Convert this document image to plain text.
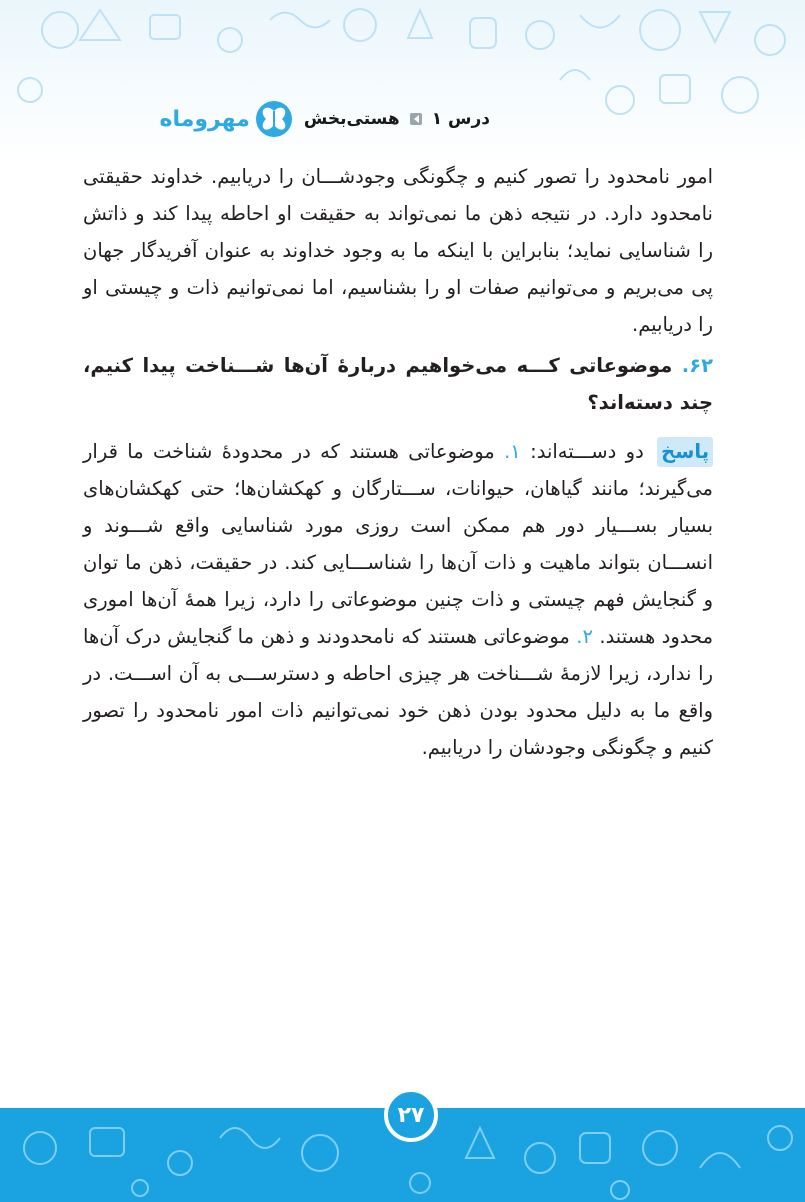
درس ۱
هستی‌بخش
مهروماه

امور نامحدود را تصور کنیم و چگونگی وجودشـــان را دریابیم. خداوند حقیقتی نامحدود دارد. در نتیجه ذهن ما نمی‌تواند به حقیقت او احاطه پیدا کند و ذاتش را شناسایی نماید؛ بنابراین با اینکه ما به وجود خداوند به عنوان آفریدگار جهان پی می‌بریم و می‌توانیم صفات او را بشناسیم، اما نمی‌توانیم ذات و چیستی او را دریابیم.

۶۲. موضوعاتی کـــه می‌خواهیم دربارۀ آن‌ها شـــناخت پیدا کنیم، چند دسته‌اند؟

پاسخ دو دســـته‌اند: ۱. موضوعاتی هستند که در محدودۀ شناخت ما قرار می‌گیرند؛ مانند گیاهان، حیوانات، ســـتارگان و کهکشان‌ها؛ حتی کهکشان‌های بسیار بســـیار دور هم ممکن است روزی مورد شناسایی واقع شـــوند و انســـان بتواند ماهیت و ذات آن‌ها را شناســـایی کند. در حقیقت، ذهن ما توان و گنجایش فهم چیستی و ذات چنین موضوعاتی را دارد، زیرا همۀ آن‌ها اموری محدود هستند. ۲. موضوعاتی هستند که نامحدودند و ذهن ما گنجایش درک آن‌ها را ندارد، زیرا لازمۀ شـــناخت هر چیزی احاطه و دسترســـی به آن اســـت. در واقع ما به دلیل محدود بودن ذهن خود نمی‌توانیم ذات امور نامحدود را تصور کنیم و چگونگی وجودشان را دریابیم.

۲۷
